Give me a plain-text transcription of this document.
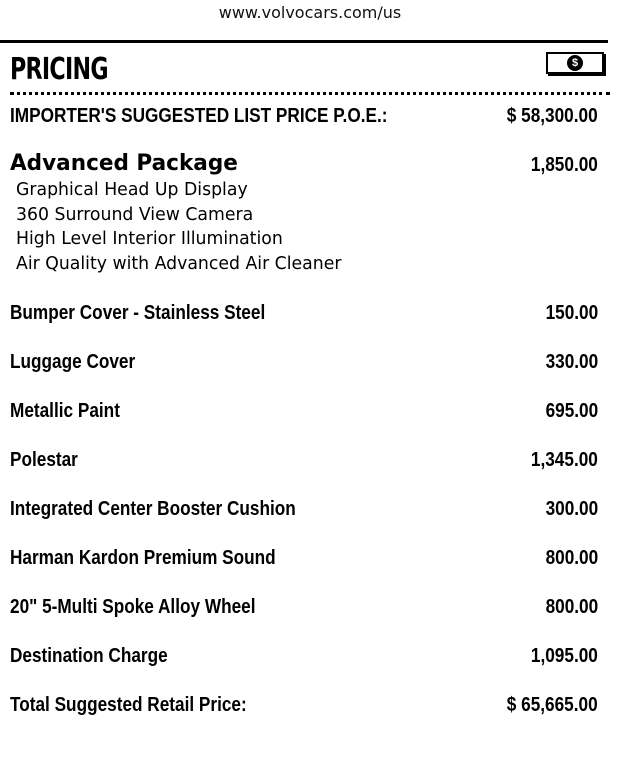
www.volvocars.com/us
PRICING	$
IMPORTER'S SUGGESTED LIST PRICE P.O.E.:	$ 58,300.00
Advanced Package	1,850.00
Graphical Head Up Display
360 Surround View Camera
High Level Interior Illumination
Air Quality with Advanced Air Cleaner
Bumper Cover - Stainless Steel	150.00
Luggage Cover	330.00
Metallic Paint	695.00
Polestar	1,345.00
Integrated Center Booster Cushion	300.00
Harman Kardon Premium Sound	800.00
20" 5-Multi Spoke Alloy Wheel	800.00
Destination Charge	1,095.00
Total Suggested Retail Price:	$ 65,665.00
